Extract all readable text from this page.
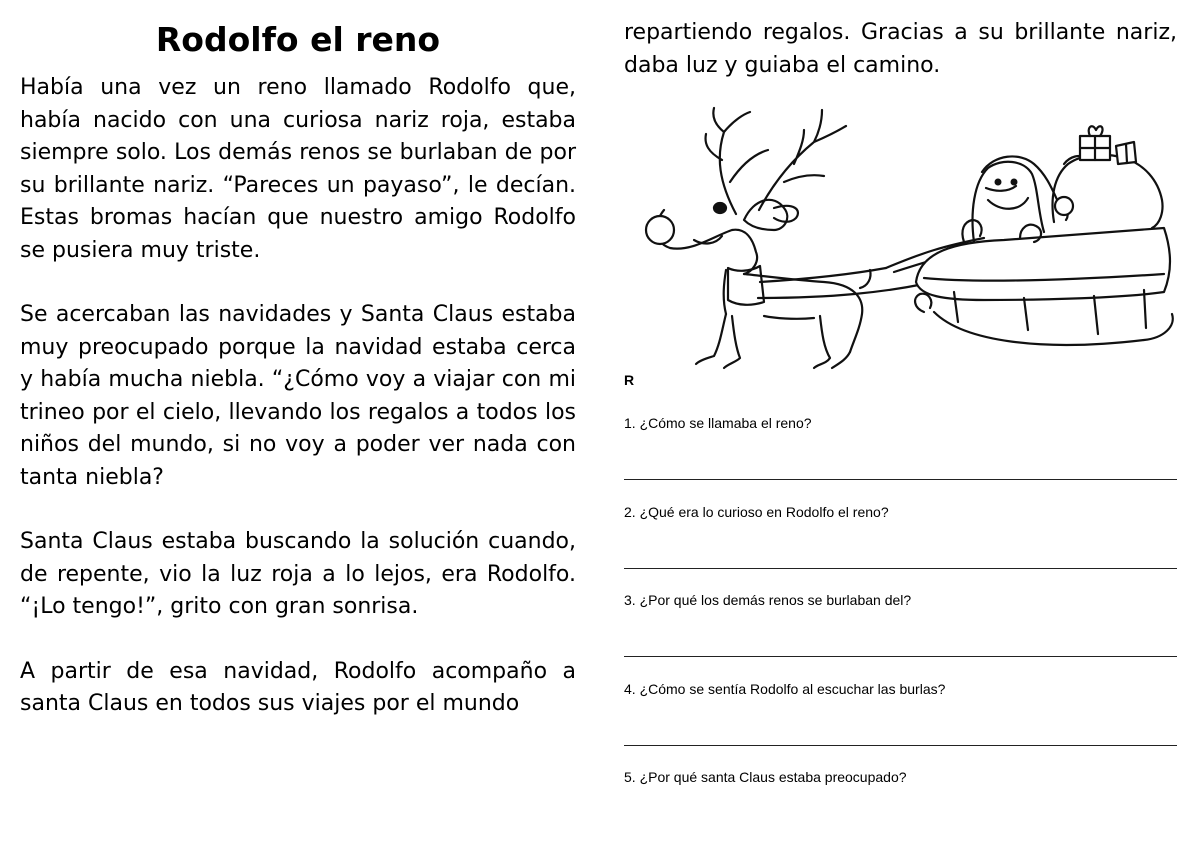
Rodolfo el reno

Había una vez un reno llamado Rodolfo que, había nacido con una curiosa nariz roja, estaba siempre solo. Los demás renos se burlaban de por su brillante nariz. “Pareces un payaso”, le decían. Estas bromas hacían que nuestro amigo Rodolfo se pusiera muy triste.

Se acercaban las navidades y Santa Claus estaba muy preocupado porque la navidad estaba cerca y había mucha niebla. “¿Cómo voy a viajar con mi trineo por el cielo, llevando los regalos a todos los niños del mundo, si no voy a poder ver nada con tanta niebla?

Santa Claus estaba buscando la solución cuando, de repente, vio la luz roja a lo lejos, era Rodolfo. “¡Lo tengo!”, grito con gran sonrisa.

A partir de esa navidad, Rodolfo acompaño a santa Claus en todos sus viajes por el mundo

repartiendo regalos. Gracias a su brillante nariz, daba luz y guiaba el camino.

R
1. ¿Cómo se llamaba el reno?
2. ¿Qué era lo curioso en Rodolfo el reno?
3. ¿Por qué los demás renos se burlaban del?
4. ¿Cómo se sentía Rodolfo al escuchar las burlas?
5. ¿Por qué santa Claus estaba preocupado?
